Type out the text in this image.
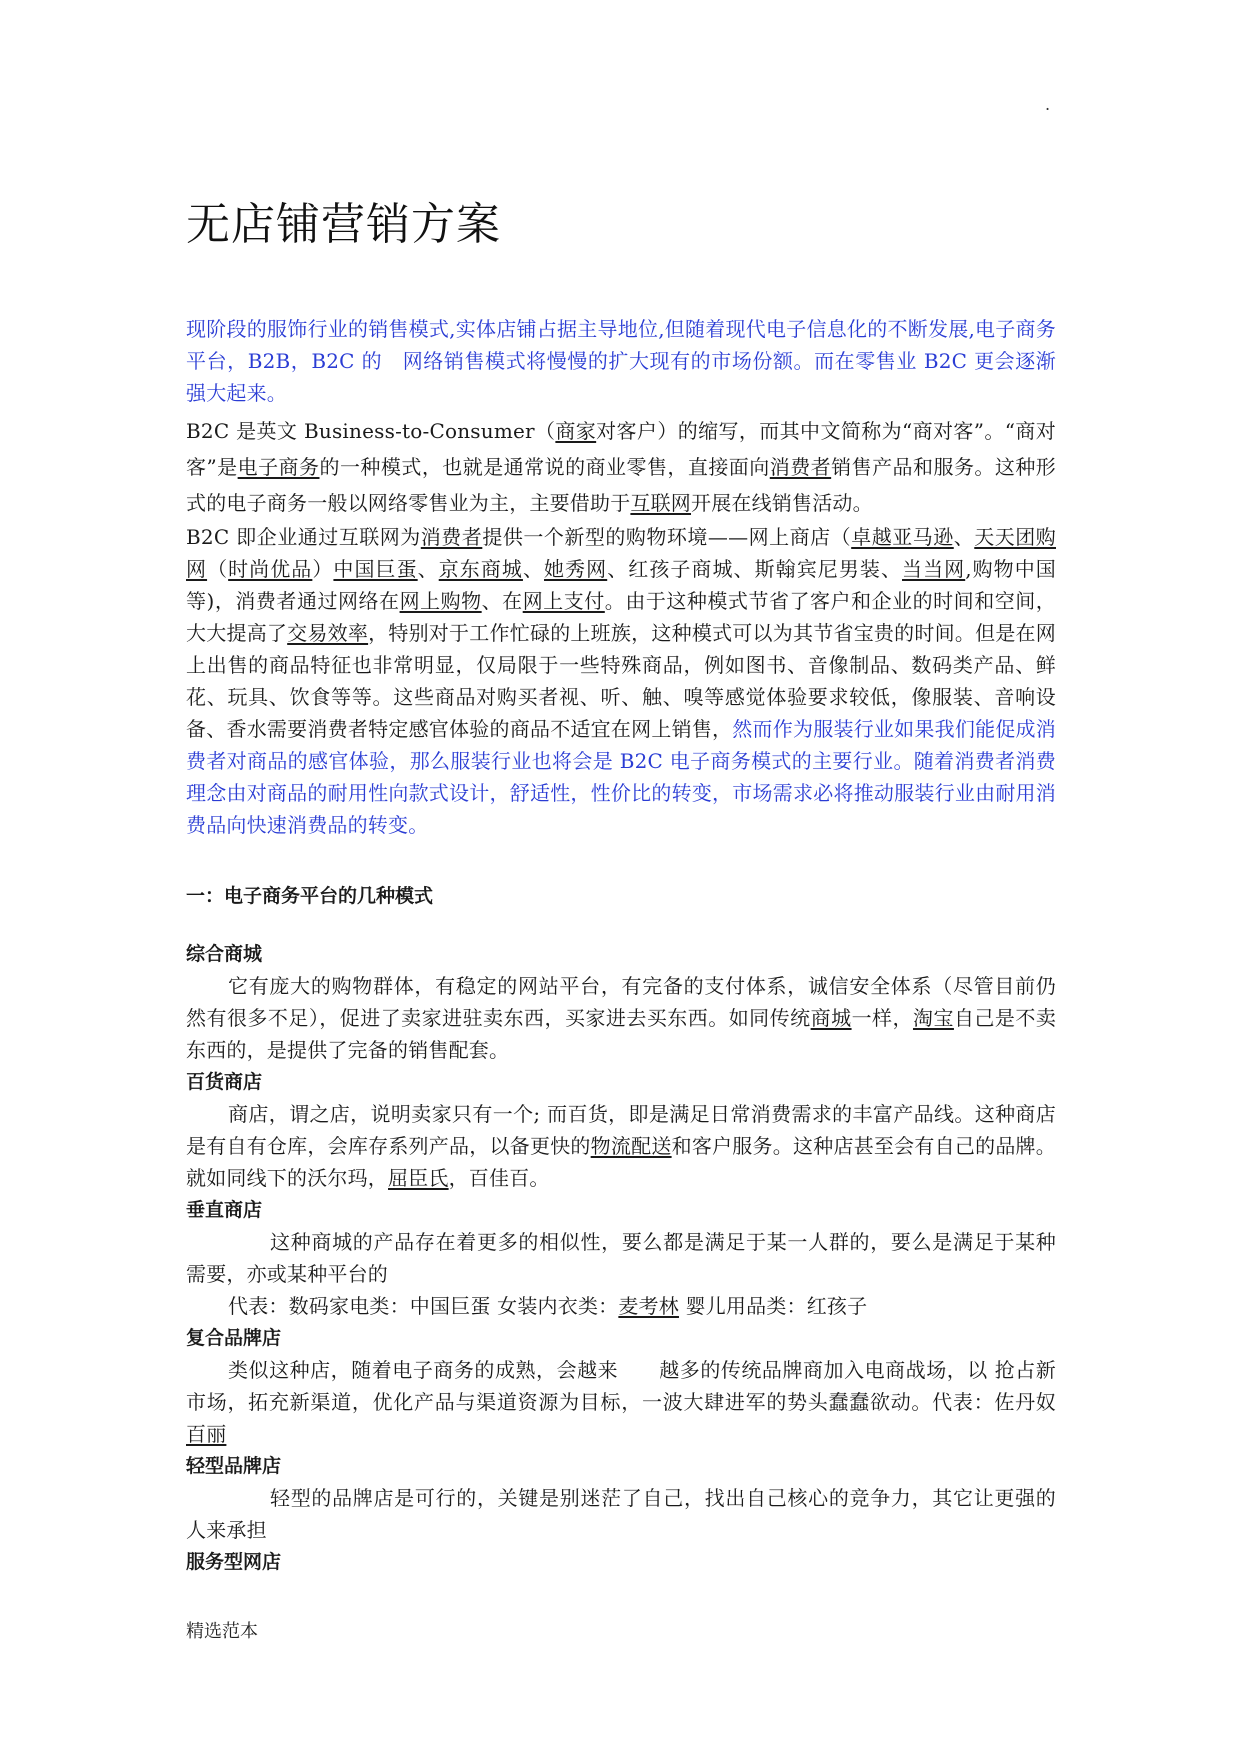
.
无店铺营销方案

现阶段的服饰行业的销售模式,实体店铺占据主导地位,但随着现代电子信息化的不断发展,电子商务平台，B2B，B2C 的　网络销售模式将慢慢的扩大现有的市场份额。而在零售业 B2C 更会逐渐强大起来。

B2C 是英文 Business-to-Consumer（商家对客户）的缩写，而其中文简称为“商对客”。“商对客”是电子商务的一种模式，也就是通常说的商业零售，直接面向消费者销售产品和服务。这种形式的电子商务一般以网络零售业为主，主要借助于互联网开展在线销售活动。

B2C 即企业通过互联网为消费者提供一个新型的购物环境——网上商店（卓越亚马逊、天天团购网（时尚优品）中国巨蛋、京东商城、她秀网、红孩子商城、斯翰宾尼男装、当当网,购物中国等)，消费者通过网络在网上购物、在网上支付。由于这种模式节省了客户和企业的时间和空间，大大提高了交易效率，特别对于工作忙碌的上班族，这种模式可以为其节省宝贵的时间。但是在网上出售的商品特征也非常明显，仅局限于一些特殊商品，例如图书、音像制品、数码类产品、鲜花、玩具、饮食等等。这些商品对购买者视、听、触、嗅等感觉体验要求较低，像服装、音响设备、香水需要消费者特定感官体验的商品不适宜在网上销售，然而作为服装行业如果我们能促成消费者对商品的感官体验，那么服装行业也将会是 B2C 电子商务模式的主要行业。随着消费者消费理念由对商品的耐用性向款式设计，舒适性，性价比的转变，市场需求必将推动服装行业由耐用消费品向快速消费品的转变。

一：电子商务平台的几种模式

综合商城

它有庞大的购物群体，有稳定的网站平台，有完备的支付体系，诚信安全体系（尽管目前仍然有很多不足），促进了卖家进驻卖东西，买家进去买东西。如同传统商城一样，淘宝自己是不卖东西的，是提供了完备的销售配套。

百货商店

商店，谓之店，说明卖家只有一个; 而百货，即是满足日常消费需求的丰富产品线。这种商店是有自有仓库，会库存系列产品，以备更快的物流配送和客户服务。这种店甚至会有自己的品牌。就如同线下的沃尔玛，屈臣氏，百佳百。

垂直商店

这种商城的产品存在着更多的相似性，要么都是满足于某一人群的，要么是满足于某种需要，亦或某种平台的

代表：数码家电类：中国巨蛋 女装内衣类：麦考林 婴儿用品类：红孩子

复合品牌店

类似这种店，随着电子商务的成熟，会越来　　越多的传统品牌商加入电商战场，以 抢占新市场，拓充新渠道，优化产品与渠道资源为目标，一波大肆进军的势头蠢蠢欲动。代表：佐丹奴 百丽

轻型品牌店

轻型的品牌店是可行的，关键是别迷茫了自己，找出自己核心的竞争力，其它让更强的人来承担

服务型网店

精选范本
